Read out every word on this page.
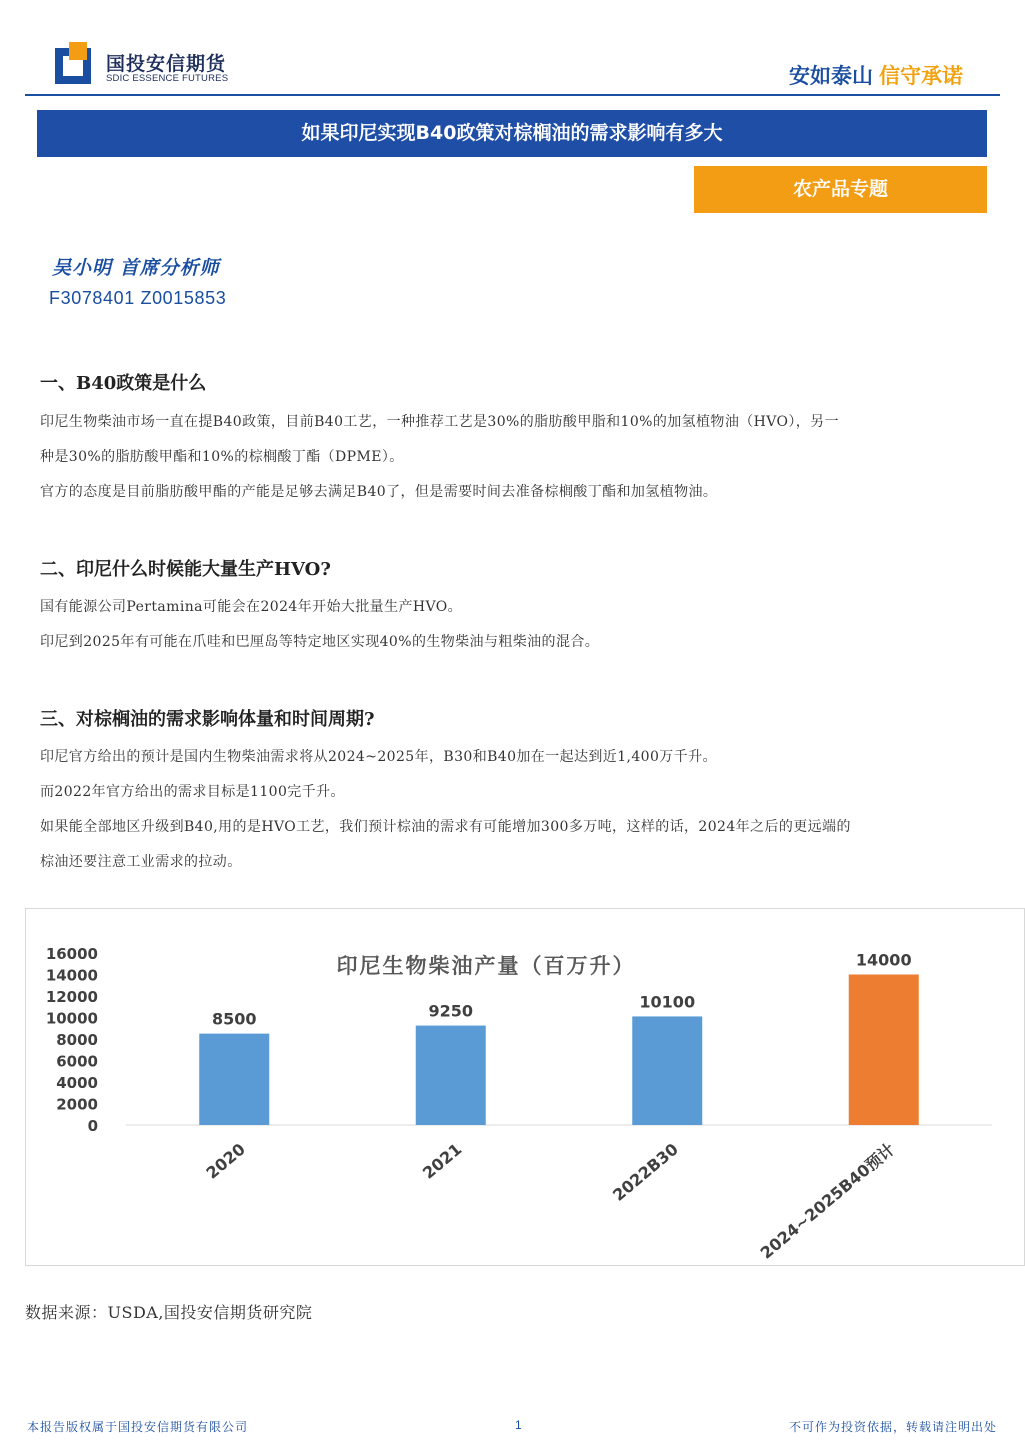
国投安信期货
SDIC ESSENCE FUTURES	安如泰山 信守承诺
如果印尼实现B40政策对棕榈油的需求影响有多大
农产品专题
吴小明 首席分析师
F3078401 Z0015853
一、B40政策是什么
印尼生物柴油市场一直在提B40政策，目前B40工艺，一种推荐工艺是30%的脂肪酸甲脂和10%的加氢植物油（HVO），另一
种是30%的脂肪酸甲酯和10%的棕榈酸丁酯（DPME）。
官方的态度是目前脂肪酸甲酯的产能是足够去满足B40了，但是需要时间去准备棕榈酸丁酯和加氢植物油。
二、印尼什么时候能大量生产HVO?
国有能源公司Pertamina可能会在2024年开始大批量生产HVO。
印尼到2025年有可能在爪哇和巴厘岛等特定地区实现40%的生物柴油与粗柴油的混合。
三、对棕榈油的需求影响体量和时间周期?
印尼官方给出的预计是国内生物柴油需求将从2024~2025年，B30和B40加在一起达到近1,400万千升。
而2022年官方给出的需求目标是1100完千升。
如果能全部地区升级到B40,用的是HVO工艺，我们预计棕油的需求有可能增加300多万吨，这样的话，2024年之后的更远端的
棕油还要注意工业需求的拉动。
印尼生物柴油产量（百万升）
16000
14000
12000
10000
8000
6000
4000
2000
0
8500
2020
9250
2021
10100
2022B30
14000
2024~2025B40预计
数据来源：USDA,国投安信期货研究院
本报告版权属于国投安信期货有限公司	1	不可作为投资依据，转载请注明出处
